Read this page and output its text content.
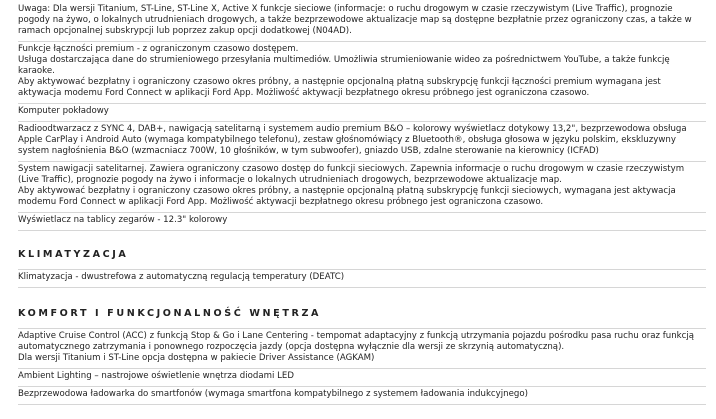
Uwaga: Dla wersji Titanium, ST-Line, ST-Line X, Active X funkcje sieciowe (informacje: o ruchu drogowym w czasie rzeczywistym (Live Traffic), prognozie pogody na żywo, o lokalnych utrudnieniach drogowych, a także bezprzewodowe aktualizacje map są dostępne bezpłatnie przez ograniczony czas, a także w ramach opcjonalnej subskrypcji lub poprzez zakup opcji dodatkowej (N04AD).

Funkcje łączności premium - z ograniczonym czasowo dostępem.
Usługa dostarczająca dane do strumieniowego przesyłania multimediów. Umożliwia strumieniowanie wideo za pośrednictwem YouTube, a także funkcję karaoke.
Aby aktywować bezpłatny i ograniczony czasowo okres próbny, a następnie opcjonalną płatną subskrypcję funkcji łączności premium wymagana jest aktywacja modemu Ford Connect w aplikacji Ford App. Możliwość aktywacji bezpłatnego okresu próbnego jest ograniczona czasowo.

Komputer pokładowy

Radioodtwarzacz z SYNC 4, DAB+, nawigacją satelitarną i systemem audio premium B&O – kolorowy wyświetlacz dotykowy 13,2", bezprzewodowa obsługa Apple CarPlay i Android Auto (wymaga kompatybilnego telefonu), zestaw głośnomówiący z Bluetooth®, obsługa głosowa w języku polskim, ekskluzywny system nagłośnienia B&O (wzmacniacz 700W, 10 głośników, w tym subwoofer), gniazdo USB, zdalne sterowanie na kierownicy (ICFAD)

System nawigacji satelitarnej. Zawiera ograniczony czasowo dostęp do funkcji sieciowych. Zapewnia informacje o ruchu drogowym w czasie rzeczywistym (Live Traffic), prognozie pogody na żywo i informacje o lokalnych utrudnieniach drogowych, bezprzewodowe aktualizacje map.
Aby aktywować bezpłatny i ograniczony czasowo okres próbny, a następnie opcjonalną płatną subskrypcję funkcji sieciowych, wymagana jest aktywacja modemu Ford Connect w aplikacji Ford App. Możliwość aktywacji bezpłatnego okresu próbnego jest ograniczona czasowo.

Wyświetlacz na tablicy zegarów - 12.3" kolorowy

KLIMATYZACJA

Klimatyzacja - dwustrefowa z automatyczną regulacją temperatury (DEATC)

KOMFORT I FUNKCJONALNOŚĆ WNĘTRZA

Adaptive Cruise Control (ACC) z funkcją Stop & Go i Lane Centering - tempomat adaptacyjny z funkcją utrzymania pojazdu pośrodku pasa ruchu oraz funkcją automatycznego zatrzymania i ponownego rozpoczęcia jazdy (opcja dostępna wyłącznie dla wersji ze skrzynią automatyczną).
Dla wersji Titanium i ST-Line opcja dostępna w pakiecie Driver Assistance (AGKAM)

Ambient Lighting – nastrojowe oświetlenie wnętrza diodami LED

Bezprzewodowa ładowarka do smartfonów (wymaga smartfona kompatybilnego z systemem ładowania indukcyjnego)
